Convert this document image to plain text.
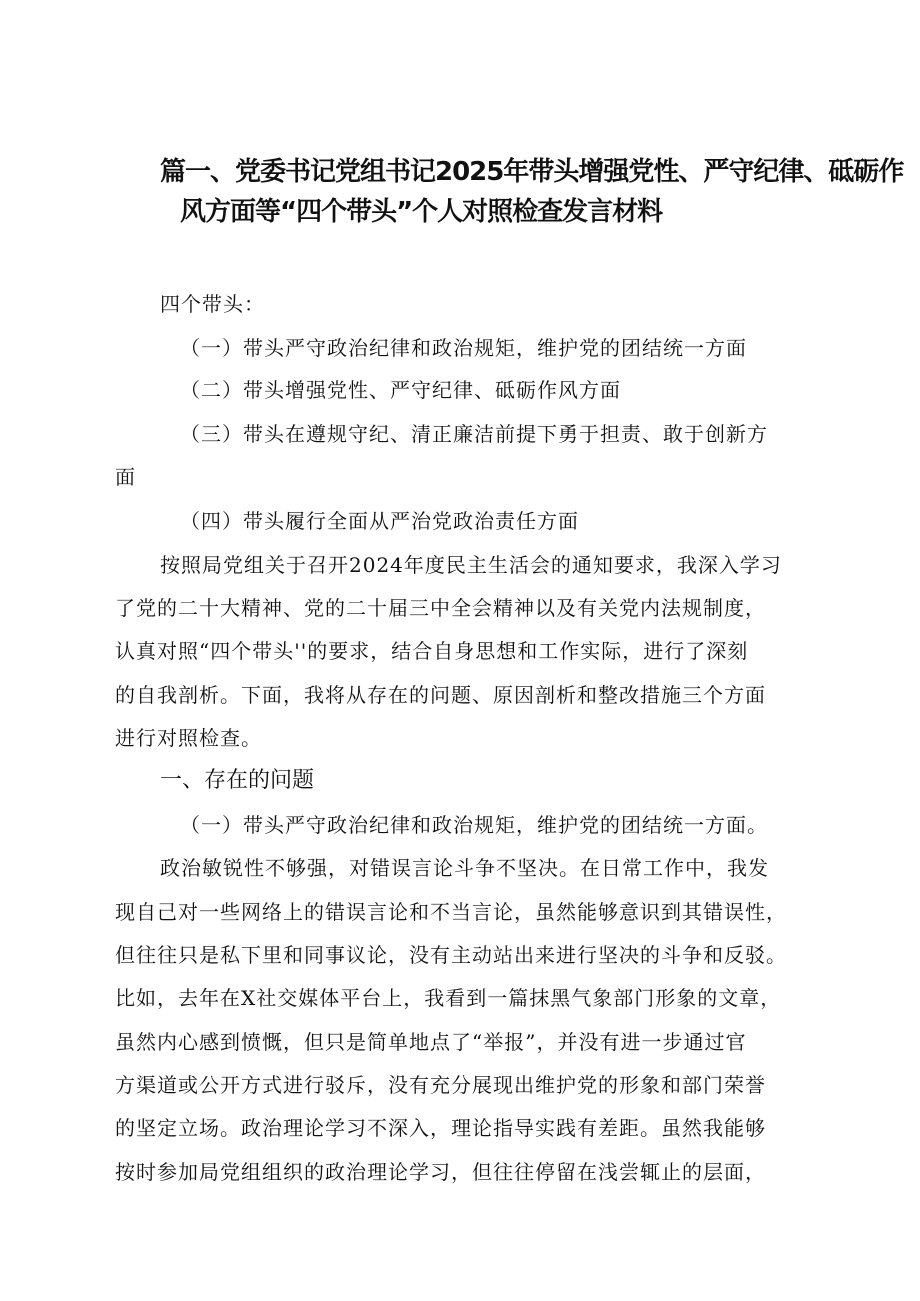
篇一、党委书记党组书记2025年带头增强党性、严守纪律、砥砺作
风方面等“四个带头”个人对照检查发言材料
四个带头：
（一）带头严守政治纪律和政治规矩，维护党的团结统一方面
（二）带头增强党性、严守纪律、砥砺作风方面
（三）带头在遵规守纪、清正廉洁前提下勇于担责、敢于创新方
面
（四）带头履行全面从严治党政治责任方面
按照局党组关于召开2024年度民主生活会的通知要求，我深入学习
了党的二十大精神、党的二十届三中全会精神以及有关党内法规制度，
认真对照“四个带头''的要求，结合自身思想和工作实际，进行了深刻
的自我剖析。下面，我将从存在的问题、原因剖析和整改措施三个方面
进行对照检查。
一、存在的问题
（一）带头严守政治纪律和政治规矩，维护党的团结统一方面。
政治敏锐性不够强，对错误言论斗争不坚决。在日常工作中，我发
现自己对一些网络上的错误言论和不当言论，虽然能够意识到其错误性，
但往往只是私下里和同事议论，没有主动站出来进行坚决的斗争和反驳。
比如，去年在X社交媒体平台上，我看到一篇抹黑气象部门形象的文章，
虽然内心感到愤慨，但只是简单地点了“举报”，并没有进一步通过官
方渠道或公开方式进行驳斥，没有充分展现出维护党的形象和部门荣誉
的坚定立场。政治理论学习不深入，理论指导实践有差距。虽然我能够
按时参加局党组组织的政治理论学习，但往往停留在浅尝辄止的层面，
